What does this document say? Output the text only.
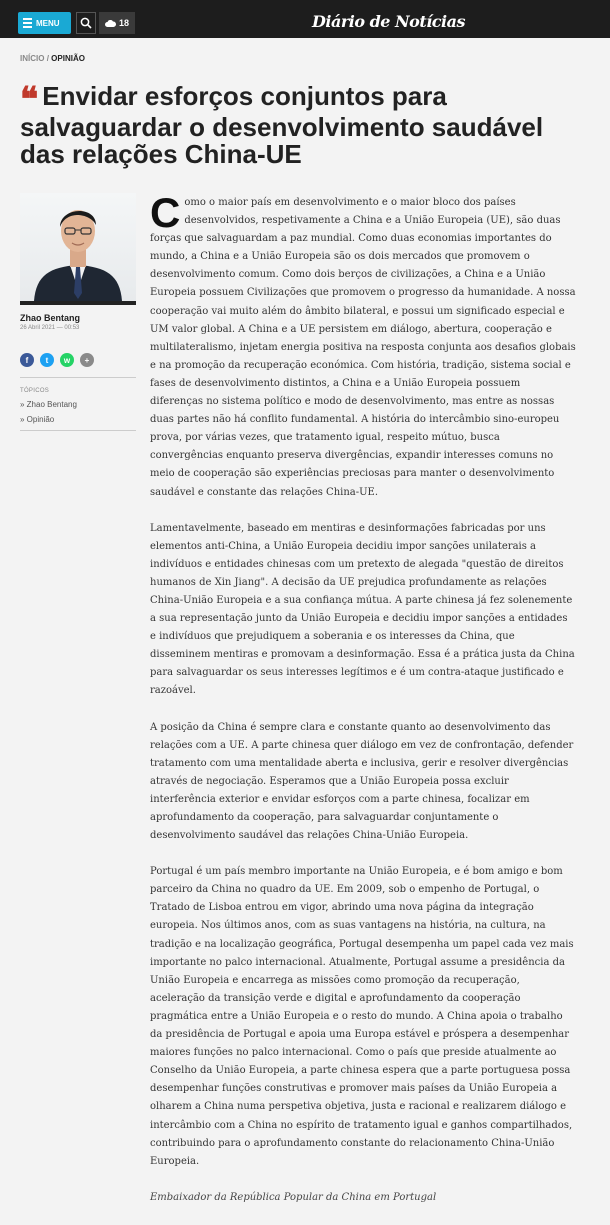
MENU	18	Diário de Notícias
INÍCIO / OPINIÃO
❝ Envidar esforços conjuntos para salvaguardar o desenvolvimento saudável das relações China-UE
Zhao Bentang
26 Abril 2021 — 00:53
f	t	w	+
TÓPICOS
» Zhao Bentang
» Opinião

Como o maior país em desenvolvimento e o maior bloco dos países desenvolvidos, respetivamente a China e a União Europeia (UE), são duas forças que salvaguardam a paz mundial. Como duas economias importantes do mundo, a China e a União Europeia são os dois mercados que promovem o desenvolvimento comum. Como dois berços de civilizações, a China e a União Europeia possuem Civilizações que promovem o progresso da humanidade. A nossa cooperação vai muito além do âmbito bilateral, e possui um significado especial e UM valor global. A China e a UE persistem em diálogo, abertura, cooperação e multilateralismo, injetam energia positiva na resposta conjunta aos desafios globais e na promoção da recuperação económica. Com história, tradição, sistema social e fases de desenvolvimento distintos, a China e a União Europeia possuem diferenças no sistema político e modo de desenvolvimento, mas entre as nossas duas partes não há conflito fundamental. A história do intercâmbio sino-europeu prova, por várias vezes, que tratamento igual, respeito mútuo, busca convergências enquanto preserva divergências, expandir interesses comuns no meio de cooperação são experiências preciosas para manter o desenvolvimento saudável e constante das relações China-UE.

Lamentavelmente, baseado em mentiras e desinformações fabricadas por uns elementos anti-China, a União Europeia decidiu impor sanções unilaterais a indivíduos e entidades chinesas com um pretexto de alegada "questão de direitos humanos de Xin Jiang". A decisão da UE prejudica profundamente as relações China-União Europeia e a sua confiança mútua. A parte chinesa já fez solenemente a sua representação junto da União Europeia e decidiu impor sanções a entidades e indivíduos que prejudiquem a soberania e os interesses da China, que disseminem mentiras e promovam a desinformação. Essa é a prática justa da China para salvaguardar os seus interesses legítimos e é um contra-ataque justificado e razoável.

A posição da China é sempre clara e constante quanto ao desenvolvimento das relações com a UE. A parte chinesa quer diálogo em vez de confrontação, defender tratamento com uma mentalidade aberta e inclusiva, gerir e resolver divergências através de negociação. Esperamos que a União Europeia possa excluir interferência exterior e envidar esforços com a parte chinesa, focalizar em aprofundamento da cooperação, para salvaguardar conjuntamente o desenvolvimento saudável das relações China-União Europeia.

Portugal é um país membro importante na União Europeia, e é bom amigo e bom parceiro da China no quadro da UE. Em 2009, sob o empenho de Portugal, o Tratado de Lisboa entrou em vigor, abrindo uma nova página da integração europeia. Nos últimos anos, com as suas vantagens na história, na cultura, na tradição e na localização geográfica, Portugal desempenha um papel cada vez mais importante no palco internacional. Atualmente, Portugal assume a presidência da União Europeia e encarrega as missões como promoção da recuperação, aceleração da transição verde e digital e aprofundamento da cooperação pragmática entre a União Europeia e o resto do mundo. A China apoia o trabalho da presidência de Portugal e apoia uma Europa estável e próspera a desempenhar maiores funções no palco internacional. Como o país que preside atualmente ao Conselho da União Europeia, a parte chinesa espera que a parte portuguesa possa desempenhar funções construtivas e promover mais países da União Europeia a olharem a China numa perspetiva objetiva, justa e racional e realizarem diálogo e intercâmbio com a China no espírito de tratamento igual e ganhos compartilhados, contribuindo para o aprofundamento constante do relacionamento China-União Europeia.

Embaixador da República Popular da China em Portugal
